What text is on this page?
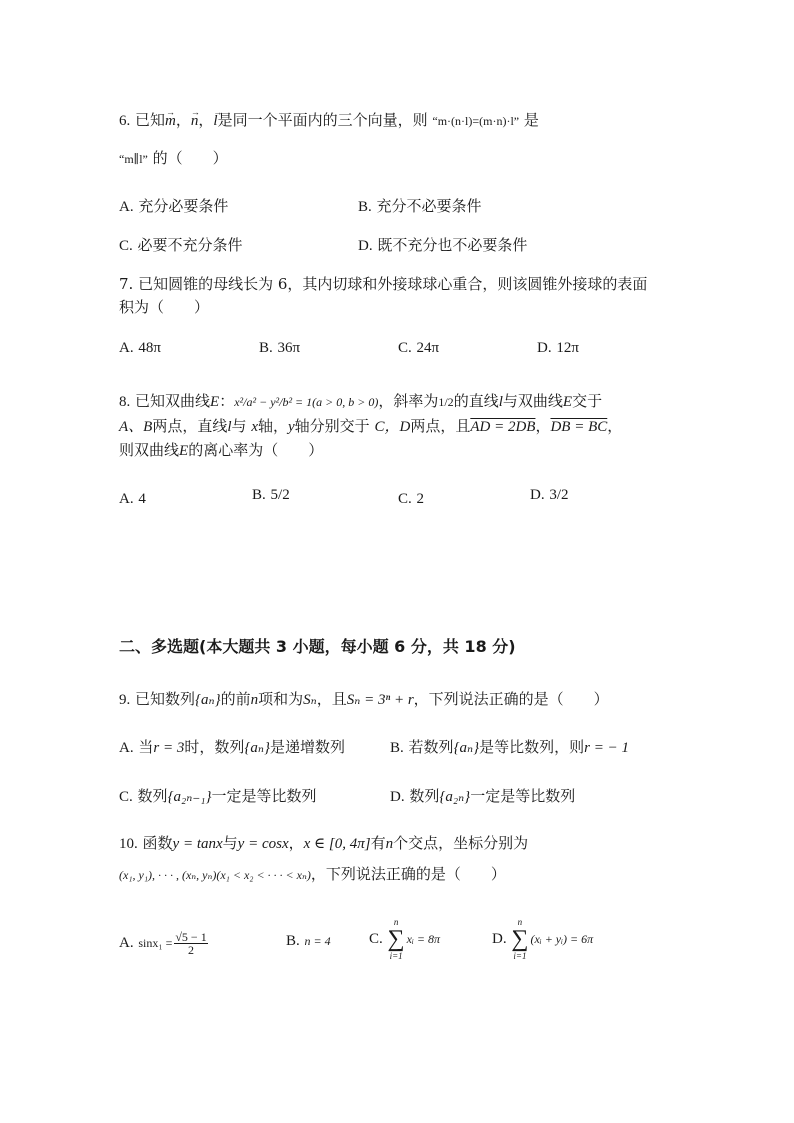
6. 已知→ m，→ n，→ l是同一个平面内的三个向量，则 “m·(n·l)=(m·n)·l” 是
“m∥l” 的（　　）
A. 充分必要条件	B. 充分不必要条件
C. 必要不充分条件	D. 既不充分也不必要条件
7. 已知圆锥的母线长为 6，其内切球和外接球球心重合，则该圆锥外接球的表面
积为（　　）
A. 48π	B. 36π	C. 24π	D. 12π
8. 已知双曲线E：x²/a² − y²/b² = 1(a > 0, b > 0)，斜率为1/2的直线l与双曲线E交于
A、B两点，直线l与 x轴，y轴分别交于 C，D两点，且AD = 2DB，DB = BC，
则双曲线E的离心率为（　　）
A. 4	B. 5/2	C. 2	D. 3/2
二、多选题(本大题共 3 小题，每小题 6 分，共 18 分)
9. 已知数列{aₙ}的前n项和为Sₙ，且Sₙ = 3ⁿ + r，下列说法正确的是（　　）
A. 当r = 3时，数列{aₙ}是递增数列	B. 若数列{aₙ}是等比数列，则r = − 1
C. 数列{a₂ₙ₋₁}一定是等比数列	D. 数列{a₂ₙ}一定是等比数列
10. 函数y = tanx与y = cosx，x ∈ [0, 4π]有n个交点，坐标分别为
(x₁, y₁), · · · , (xₙ, yₙ)(x₁ < x₂ < · · · < xₙ)，下列说法正确的是（　　）
A. $\sin x_1 = \frac{√5 - 1}{2}$	B. n = 4	C.
n
∑
i=1
xᵢ = 8π	D.
n
∑
i=1
(xᵢ + yᵢ) = 6π
